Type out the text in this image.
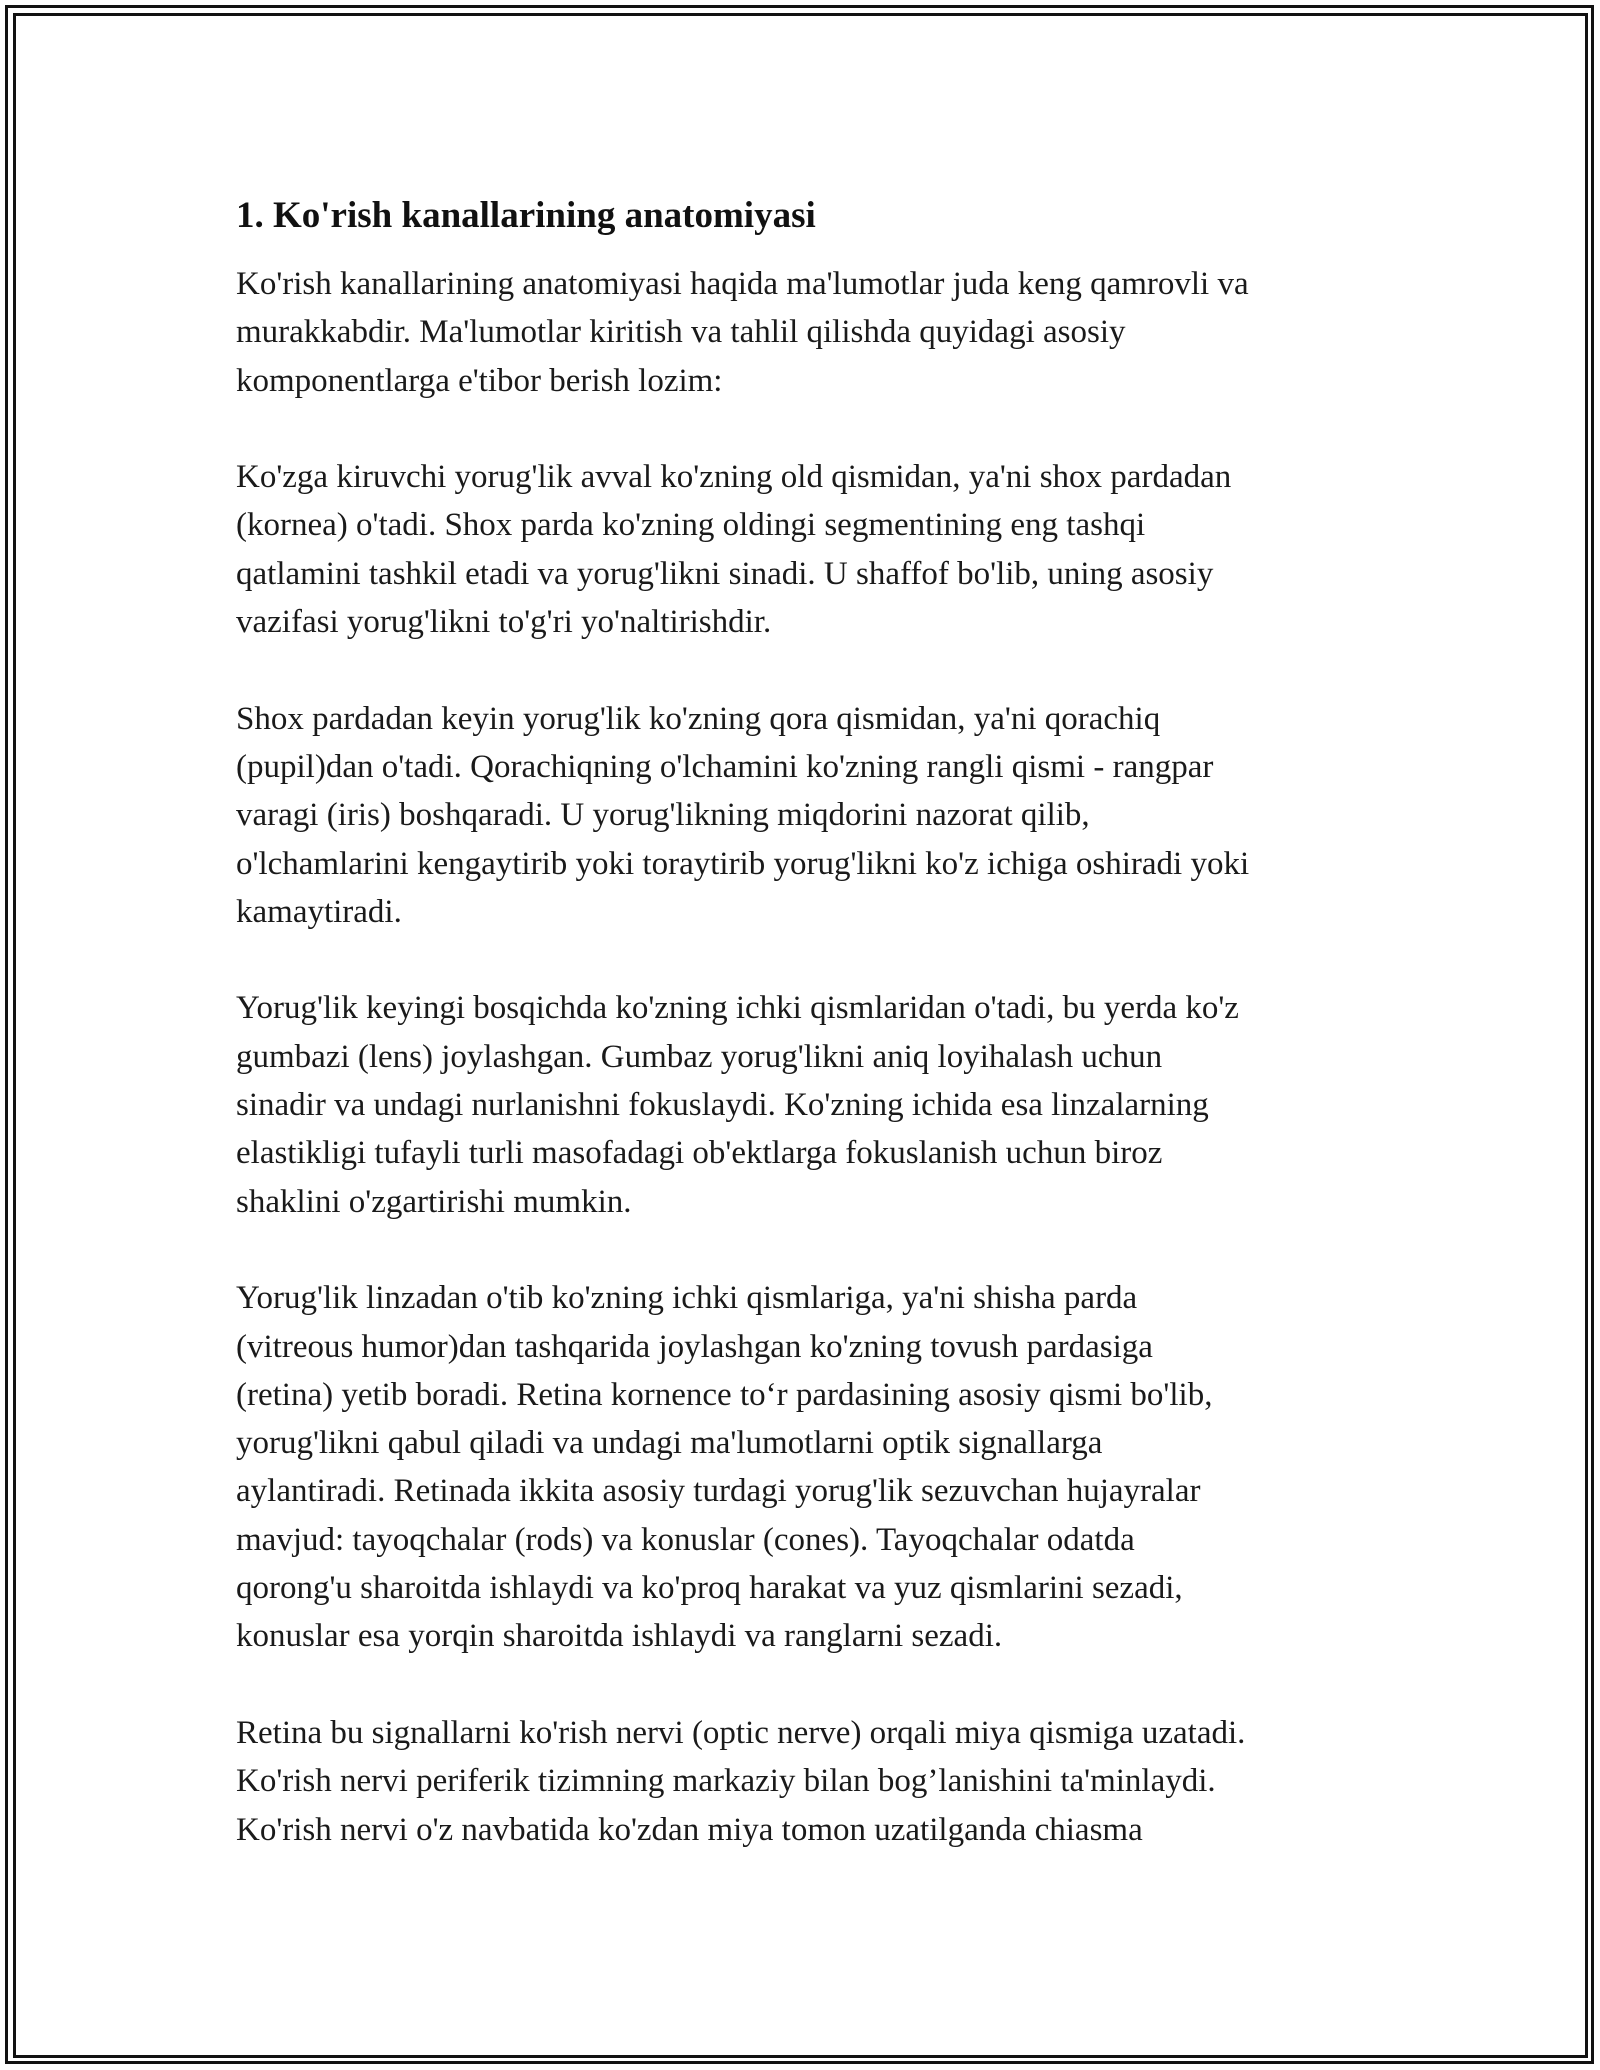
1. Ko'rish kanallarining anatomiyasi

Ko'rish kanallarining anatomiyasi haqida ma'lumotlar juda keng qamrovli va
murakkabdir. Ma'lumotlar kiritish va tahlil qilishda quyidagi asosiy
komponentlarga e'tibor berish lozim:

Ko'zga kiruvchi yorug'lik avval ko'zning old qismidan, ya'ni shox pardadan
(kornea) o'tadi. Shox parda ko'zning oldingi segmentining eng tashqi
qatlamini tashkil etadi va yorug'likni sinadi. U shaffof bo'lib, uning asosiy
vazifasi yorug'likni to'g'ri yo'naltirishdir.

Shox pardadan keyin yorug'lik ko'zning qora qismidan, ya'ni qorachiq
(pupil)dan o'tadi. Qorachiqning o'lchamini ko'zning rangli qismi - rangpar
varagi (iris) boshqaradi. U yorug'likning miqdorini nazorat qilib,
o'lchamlarini kengaytirib yoki toraytirib yorug'likni ko'z ichiga oshiradi yoki
kamaytiradi.

Yorug'lik keyingi bosqichda ko'zning ichki qismlaridan o'tadi, bu yerda ko'z
gumbazi (lens) joylashgan. Gumbaz yorug'likni aniq loyihalash uchun
sinadir va undagi nurlanishni fokuslaydi. Ko'zning ichida esa linzalarning
elastikligi tufayli turli masofadagi ob'ektlarga fokuslanish uchun biroz
shaklini o'zgartirishi mumkin.

Yorug'lik linzadan o'tib ko'zning ichki qismlariga, ya'ni shisha parda
(vitreous humor)dan tashqarida joylashgan ko'zning tovush pardasiga
(retina) yetib boradi. Retina kornence to‘r pardasining asosiy qismi bo'lib,
yorug'likni qabul qiladi va undagi ma'lumotlarni optik signallarga
aylantiradi. Retinada ikkita asosiy turdagi yorug'lik sezuvchan hujayralar
mavjud: tayoqchalar (rods) va konuslar (cones). Tayoqchalar odatda
qorong'u sharoitda ishlaydi va ko'proq harakat va yuz qismlarini sezadi,
konuslar esa yorqin sharoitda ishlaydi va ranglarni sezadi.

Retina bu signallarni ko'rish nervi (optic nerve) orqali miya qismiga uzatadi.
Ko'rish nervi periferik tizimning markaziy bilan bog’lanishini ta'minlaydi.
Ko'rish nervi o'z navbatida ko'zdan miya tomon uzatilganda chiasma
